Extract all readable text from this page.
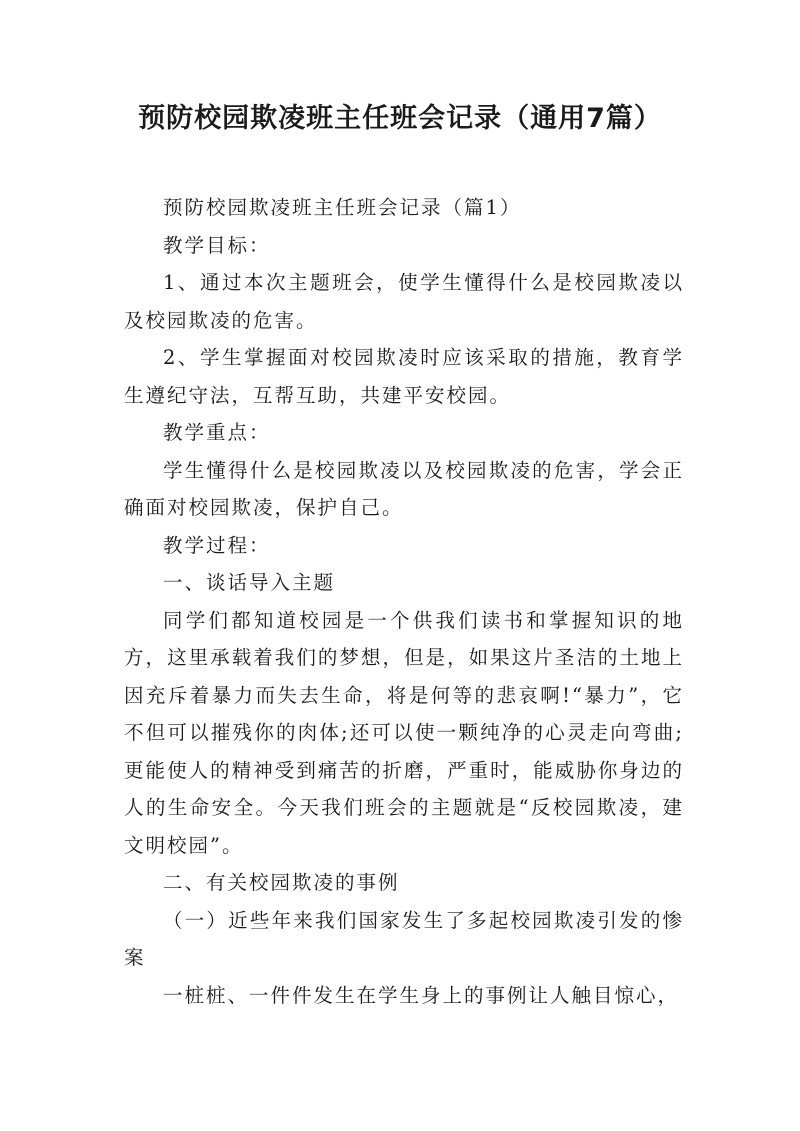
预防校园欺凌班主任班会记录（通用7篇）

预防校园欺凌班主任班会记录（篇1）

教学目标：

1、通过本次主题班会，使学生懂得什么是校园欺凌以及校园欺凌的危害。

2、学生掌握面对校园欺凌时应该采取的措施，教育学生遵纪守法，互帮互助，共建平安校园。

教学重点：

学生懂得什么是校园欺凌以及校园欺凌的危害，学会正确面对校园欺凌，保护自己。

教学过程：

一、谈话导入主题

同学们都知道校园是一个供我们读书和掌握知识的地方，这里承载着我们的梦想，但是，如果这片圣洁的土地上因充斥着暴力而失去生命，将是何等的悲哀啊!“暴力”，它不但可以摧残你的肉体;还可以使一颗纯净的心灵走向弯曲;更能使人的精神受到痛苦的折磨，严重时，能威胁你身边的人的生命安全。今天我们班会的主题就是“反校园欺凌，建文明校园”。

二、有关校园欺凌的事例

（一）近些年来我们国家发生了多起校园欺凌引发的惨案

一桩桩、一件件发生在学生身上的事例让人触目惊心，
